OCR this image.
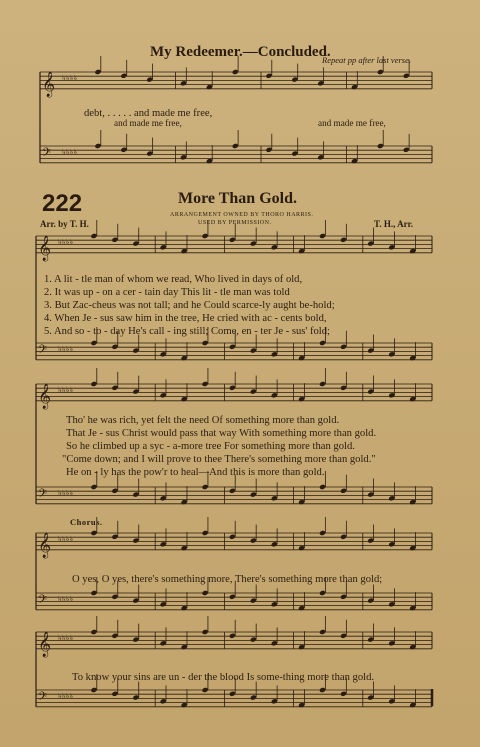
𝄞 ♭♭♭♭
𝄢 ♭♭♭♭
𝄞 ♭♭♭♭
𝄢 ♭♭♭♭
𝄞 ♭♭♭♭
𝄢 ♭♭♭♭
𝄞 ♭♭♭♭
𝄢 ♭♭♭♭
𝄞 ♭♭♭♭
𝄢 ♭♭♭♭
My Redeemer.—Concluded.
Repeat pp after last verse.
debt, . . . . . and made me free,
and made me free,	and made me free,
222	More Than Gold.
ARRANGEMENT OWNED BY THORO HARRIS.
USED BY PERMISSION.
Arr. by T. H.	T. H., Arr.
1. A lit - tle man of whom we read, Who lived in days of old,
2. It was up - on a cer - tain day This lit - tle man was told
3. But Zac-cheus was not tall; and he Could scarce-ly aught be-hold;
4. When Je - sus saw him in the tree, He cried with ac - cents bold,
5. And so - to - day He's call - ing still; Come, en - ter Je - sus' fold;
Tho' he was rich, yet felt the need Of something more than gold.
That Je - sus Christ would pass that way With something more than gold.
So he climbed up a syc - a-more tree For something more than gold.
"Come down; and I will prove to thee There's something more than gold."
He on - ly has the pow'r to heal—And this is more than gold.
Chorus.
O yes, O yes, there's something more, There's something more than gold;
To know your sins are un - der the blood Is some-thing more than gold.
